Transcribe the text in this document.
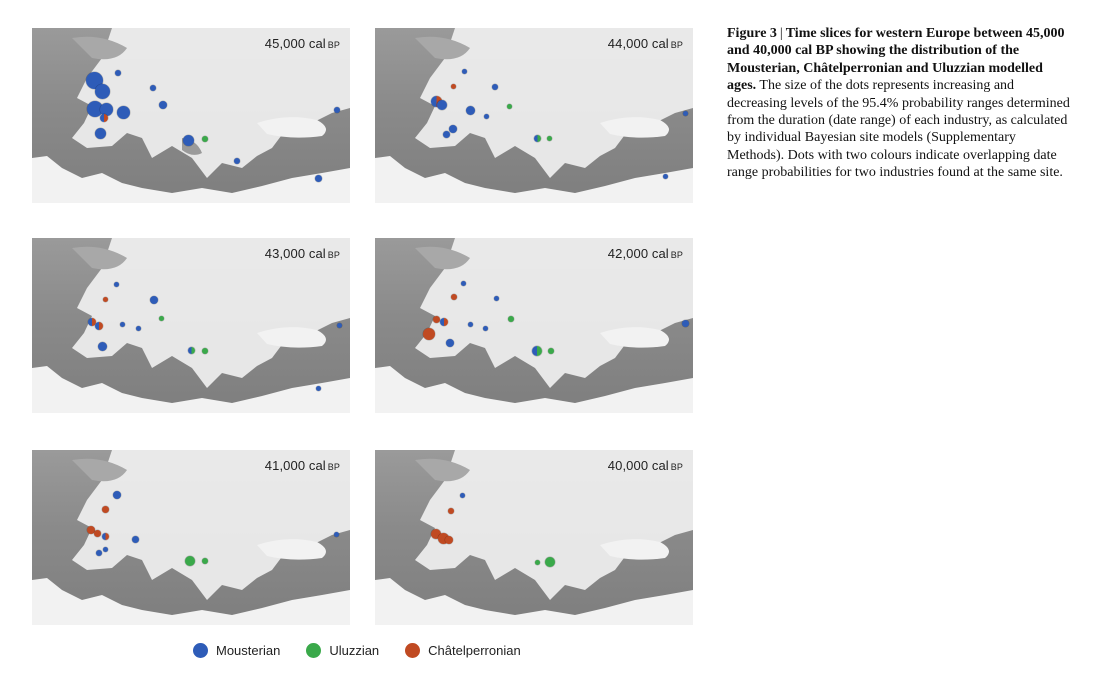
45,000 cal BP	44,000 cal BP
43,000 cal BP	42,000 cal BP
41,000 cal BP	40,000 cal BP
Mousterian	Uluzzian	Châtelperronian
Figure 3 | Time slices for western Europe between 45,000 and 40,000 cal BP showing the distribution of the Mousterian, Châtelperronian and Uluzzian modelled ages. The size of the dots represents increasing and decreasing levels of the 95.4% probability ranges determined from the duration (date range) of each industry, as calculated by individual Bayesian site models (Supplementary Methods). Dots with two colours indicate overlapping date range probabilities for two industries found at the same site.
